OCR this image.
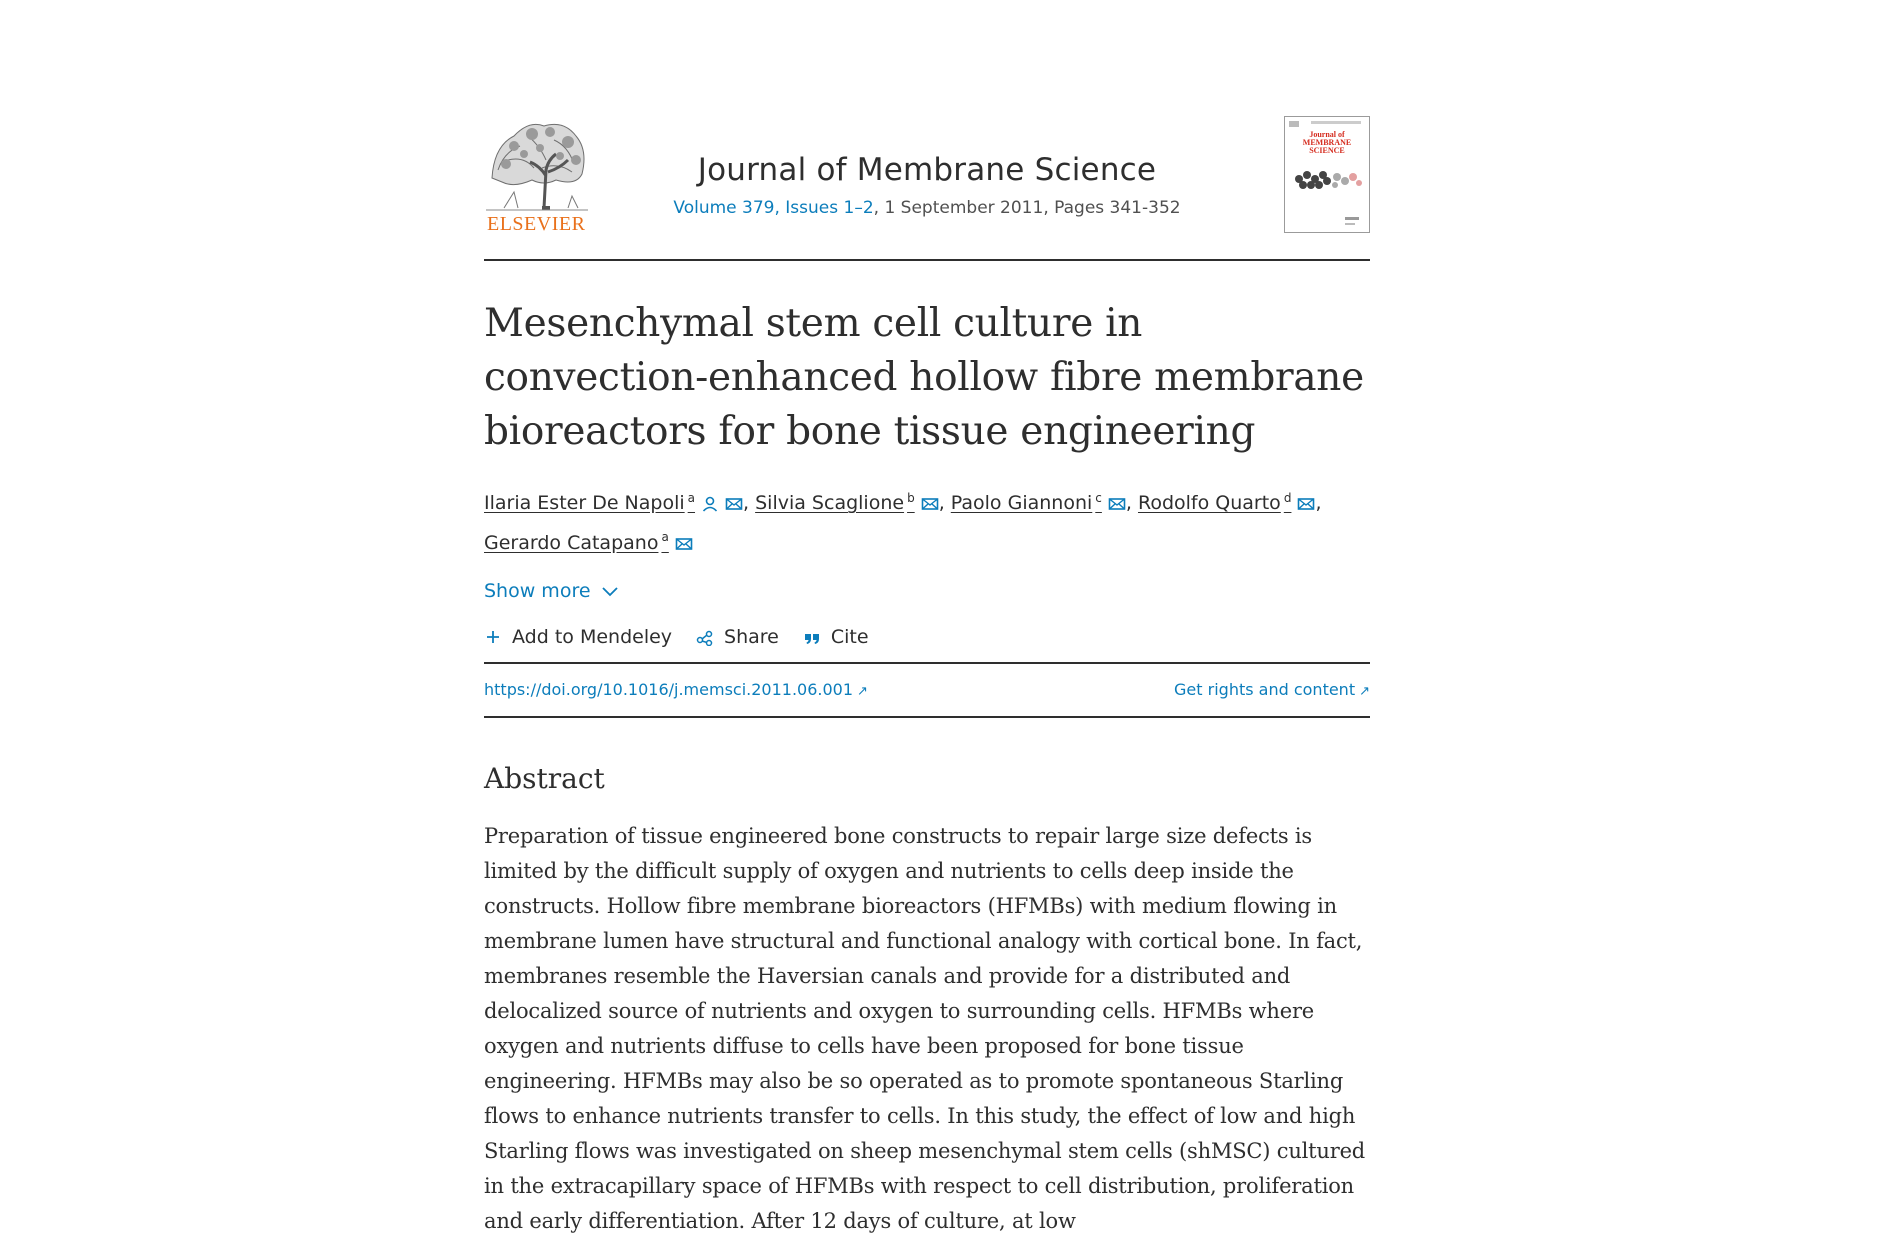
ELSEVIER
Journal of Membrane Science
Volume 379, Issues 1–2, 1 September 2011, Pages 341-352
Journal of MEMBRANE SCIENCE
Mesenchymal stem cell culture in convection-enhanced hollow fibre membrane bioreactors for bone tissue engineering
Ilaria Ester De Napoli $^a$	, Silvia Scaglione $^b$ , Paolo Giannoni $^c$ , Rodolfo Quarto $^d$ ,
Gerardo Catapano $^a$
Show more
Add to Mendeley	Share	Cite
https://doi.org/10.1016/j.memsci.2011.06.001 ↗	Get rights and content ↗
Abstract
Preparation of tissue engineered bone constructs to repair large size defects is limited by the difficult supply of oxygen and nutrients to cells deep inside the constructs. Hollow fibre membrane bioreactors (HFMBs) with medium flowing in membrane lumen have structural and functional analogy with cortical bone. In fact, membranes resemble the Haversian canals and provide for a distributed and delocalized source of nutrients and oxygen to surrounding cells. HFMBs where oxygen and nutrients diffuse to cells have been proposed for bone tissue engineering. HFMBs may also be so operated as to promote spontaneous Starling flows to enhance nutrients transfer to cells. In this study, the effect of low and high Starling flows was investigated on sheep mesenchymal stem cells (shMSC) cultured in the extracapillary space of HFMBs with respect to cell distribution, proliferation and early differentiation. After 12 days of culture, at low
